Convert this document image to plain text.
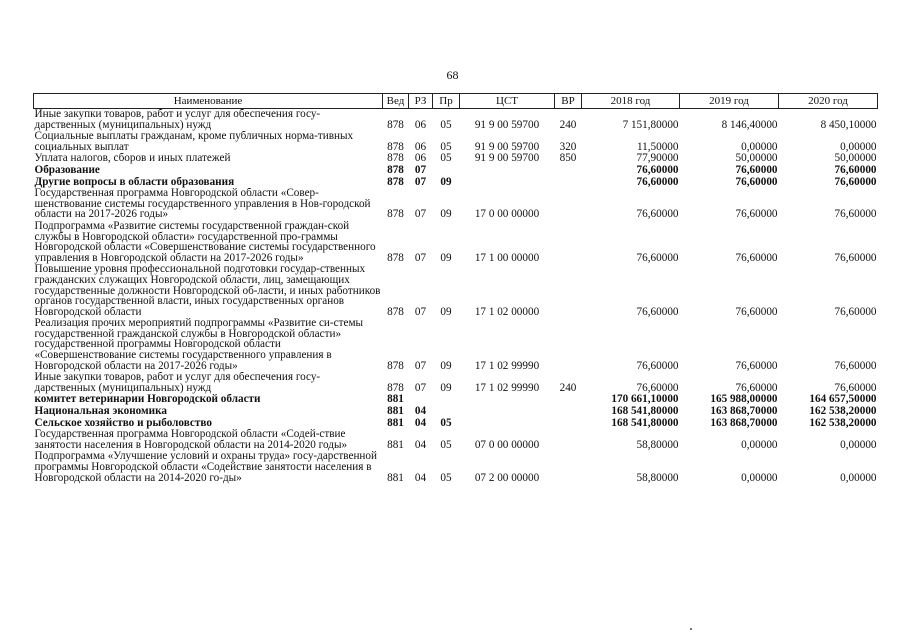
68
Наименование	Вед	РЗ	Пр	ЦСТ	ВР	2018 год	2019 год	2020 год
Иные закупки товаров, работ и услуг для обеспечения госу-дарственных (муниципальных) нужд	878	06	05	91 9 00 59700	240	7 151,80000	8 146,40000	8 450,10000
Социальные выплаты гражданам, кроме публичных норма-тивных социальных выплат	878	06	05	91 9 00 59700	320	11,50000	0,00000	0,00000
Уплата налогов, сборов и иных платежей	878	06	05	91 9 00 59700	850	77,90000	50,00000	50,00000
Образование	878	07				76,60000	76,60000	76,60000
Другие вопросы в области образования	878	07	09			76,60000	76,60000	76,60000
Государственная программа Новгородской области «Совер-шенствование системы государственного управления в Нов-городской области на 2017-2026 годы»	878	07	09	17 0 00 00000		76,60000	76,60000	76,60000
Подпрограмма «Развитие системы государственной граждан-ской службы в Новгородской области» государственной про-граммы Новгородской области «Совершенствование системы государственного управления в Новгородской области на 2017-2026 годы»	878	07	09	17 1 00 00000		76,60000	76,60000	76,60000
Повышение уровня профессиональной подготовки государ-ственных гражданских служащих Новгородской области, лиц, замещающих государственные должности Новгородской об-ласти, и иных работников органов государственной власти, иных государственных органов Новгородской области	878	07	09	17 1 02 00000		76,60000	76,60000	76,60000
Реализация прочих мероприятий подпрограммы «Развитие си-стемы государственной гражданской службы в Новгородской области» государственной программы Новгородской области «Совершенствование системы государственного управления в Новгородской области на 2017-2026 годы»	878	07	09	17 1 02 99990		76,60000	76,60000	76,60000
Иные закупки товаров, работ и услуг для обеспечения госу-дарственных (муниципальных) нужд	878	07	09	17 1 02 99990	240	76,60000	76,60000	76,60000
комитет ветеринарии Новгородской области	881					170 661,10000	165 988,00000	164 657,50000
Национальная экономика	881	04				168 541,80000	163 868,70000	162 538,20000
Сельское хозяйство и рыболовство	881	04	05			168 541,80000	163 868,70000	162 538,20000
Государственная программа Новгородской области «Содей-ствие занятости населения в Новгородской области на 2014-2020 годы»	881	04	05	07 0 00 00000		58,80000	0,00000	0,00000
Подпрограмма «Улучшение условий и охраны труда» госу-дарственной программы Новгородской области «Содействие занятости населения в Новгородской области на 2014-2020 го-ды»	881	04	05	07 2 00 00000		58,80000	0,00000	0,00000
